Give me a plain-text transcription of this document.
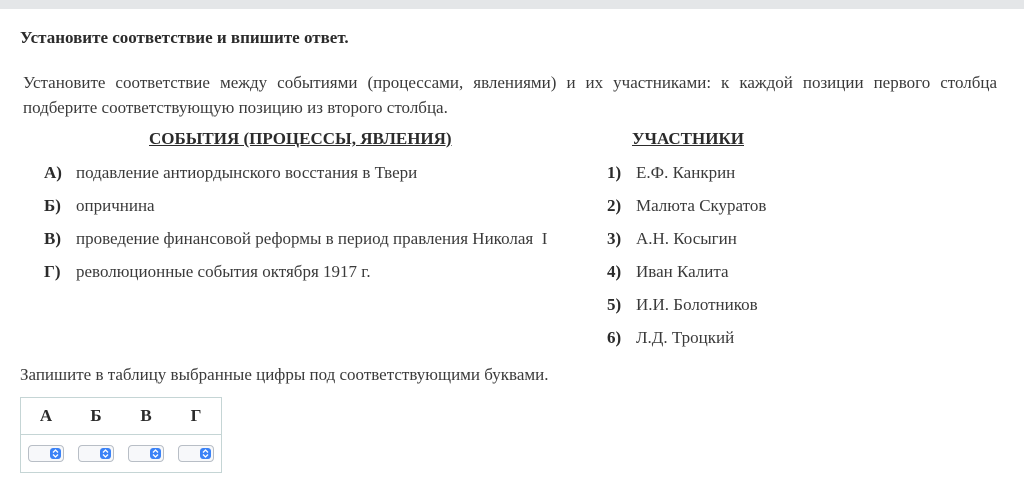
Установите соответствие и впишите ответ.
Установите соответствие между событиями (процессами, явлениями) и их участниками: к каждой позиции первого столбца подберите соответствующую позицию из второго столбца.
СОБЫТИЯ (ПРОЦЕССЫ, ЯВЛЕНИЯ)	УЧАСТНИКИ
А) подавление антиордынского восстания в Твери
Б) опричнина
В) проведение финансовой реформы в период правления Николая  I
Г) революционные события октября 1917 г.
1) Е.Ф. Канкрин
2) Малюта Скуратов
3) А.Н. Косыгин
4) Иван Калита
5) И.И. Болотников
6) Л.Д. Троцкий
Запишите в таблицу выбранные цифры под соответствующими буквами.
А	Б	В	Г
